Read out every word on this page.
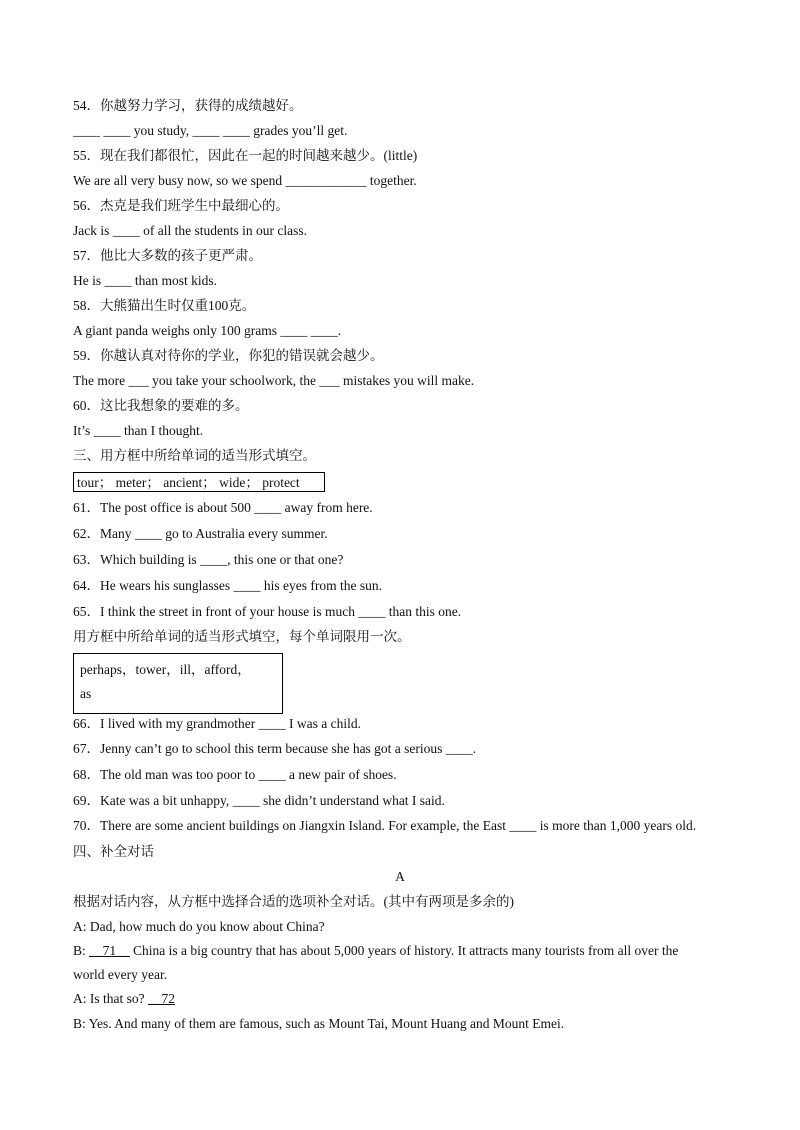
54．你越努力学习，获得的成绩越好。
____ ____ you study, ____ ____ grades you’ll get.
55．现在我们都很忙，因此在一起的时间越来越少。(little)
We are all very busy now, so we spend ____________ together.
56．杰克是我们班学生中最细心的。
Jack is ____ of all the students in our class.
57．他比大多数的孩子更严肃。
He is ____ than most kids.
58．大熊猫出生时仅重100克。
A giant panda weighs only 100 grams ____ ____.
59．你越认真对待你的学业，你犯的错误就会越少。
The more ___ you take your schoolwork, the ___ mistakes you will make.
60．这比我想象的要难的多。
It’s ____ than I thought.
三、用方框中所给单词的适当形式填空。
tour； meter； ancient； wide； protect
61．The post office is about 500 ____ away from here.
62．Many ____ go to Australia every summer.
63．Which building is ____, this one or that one?
64．He wears his sunglasses ____ his eyes from the sun.
65．I think the street in front of your house is much ____ than this one.
用方框中所给单词的适当形式填空，每个单词限用一次。
perhaps，tower，ill，afford，
as
66．I lived with my grandmother ____ I was a child.
67．Jenny can’t go to school this term because she has got a serious ____.
68．The old man was too poor to ____ a new pair of shoes.
69．Kate was a bit unhappy, ____ she didn’t understand what I said.
70．There are some ancient buildings on Jiangxin Island. For example, the East ____ is more than 1,000 years old.
四、补全对话
A
根据对话内容，从方框中选择合适的选项补全对话。(其中有两项是多余的)
A: Dad, how much do you know about China?
B: __71__ China is a big country that has about 5,000 years of history. It attracts many tourists from all over the
world every year.
A: Is that so? __72
B: Yes. And many of them are famous, such as Mount Tai, Mount Huang and Mount Emei.
